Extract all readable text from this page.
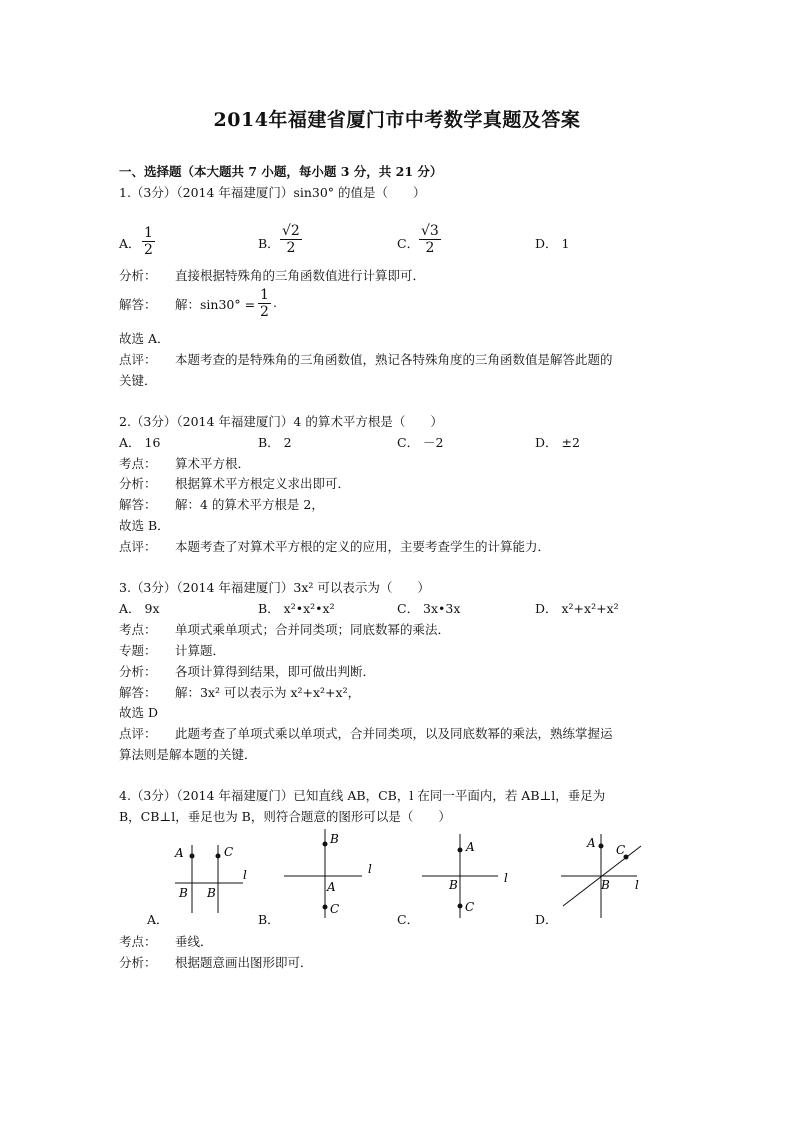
2014年福建省厦门市中考数学真题及答案
一、选择题（本大题共 7 小题，每小题 3 分，共 21 分）
1.（3分）（2014 年福建厦门）sin30° 的值是（　　）
A． $\frac{1}{2}$	B． $\frac{√2}{2}$	C． $\frac{√3}{2}$	D． 1
分析： 直接根据特殊角的三角函数值进行计算即可．
解答： 解：$\sin 30^\circ = \frac{1}{2}$ .
故选 A．
点评： 本题考查的是特殊角的三角函数值，熟记各特殊角度的三角函数值是解答此题的
关键．
2.（3分）（2014 年福建厦门）4 的算术平方根是（　　）
A． 16	B． 2	C． －2	D． ±2
考点： 算术平方根．
分析： 根据算术平方根定义求出即可．
解答： 解：4 的算术平方根是 2，
故选 B．
点评： 本题考查了对算术平方根的定义的应用，主要考查学生的计算能力．
3.（3分）（2014 年福建厦门）3x² 可以表示为（　　）
A． 9x	B． x²•x²•x²	C． 3x•3x	D． x²+x²+x²
考点： 单项式乘单项式；合并同类项；同底数幂的乘法．
专题： 计算题．
分析： 各项计算得到结果，即可做出判断．
解答： 解：3x² 可以表示为 x²+x²+x²，
故选 D
点评： 此题考查了单项式乘以单项式，合并同类项，以及同底数幂的乘法，熟练掌握运
算法则是解本题的关键．
4.（3分）（2014 年福建厦门）已知直线 AB，CB，l 在同一平面内，若 AB⊥l，垂足为
B，CB⊥l，垂足也为 B，则符合题意的图形可以是（　　）
A	C
B B
l
B
A
C
l
A
B
C
l
A C
B l
A．	B．	C．	D．
考点： 垂线．
分析： 根据题意画出图形即可．
